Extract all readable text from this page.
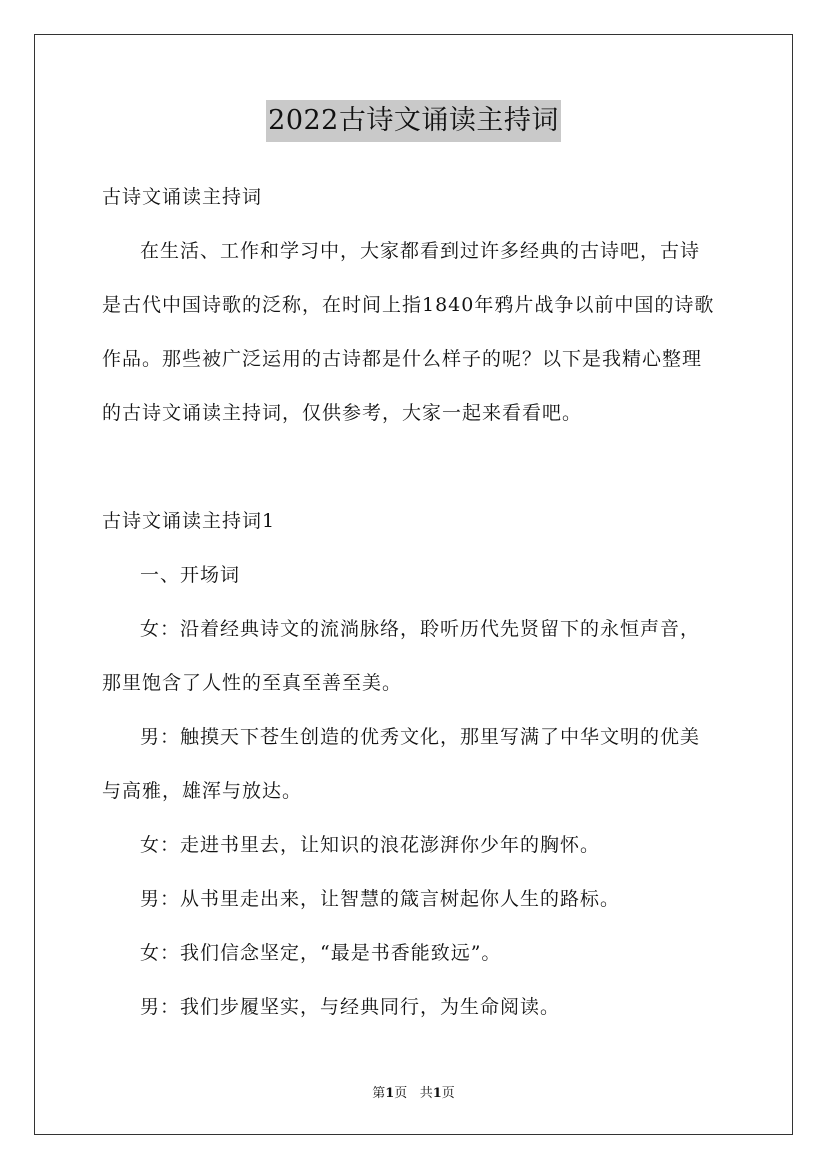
2022古诗文诵读主持词
古诗文诵读主持词
在生活、工作和学习中，大家都看到过许多经典的古诗吧，古诗
是古代中国诗歌的泛称，在时间上指1840年鸦片战争以前中国的诗歌
作品。那些被广泛运用的古诗都是什么样子的呢？以下是我精心整理
的古诗文诵读主持词，仅供参考，大家一起来看看吧。
古诗文诵读主持词1
一、开场词
女：沿着经典诗文的流淌脉络，聆听历代先贤留下的永恒声音，
那里饱含了人性的至真至善至美。
男：触摸天下苍生创造的优秀文化，那里写满了中华文明的优美
与高雅，雄浑与放达。
女：走进书里去，让知识的浪花澎湃你少年的胸怀。
男：从书里走出来，让智慧的箴言树起你人生的路标。
女：我们信念坚定，“最是书香能致远”。
男：我们步履坚实，与经典同行，为生命阅读。
第1页 共1页
